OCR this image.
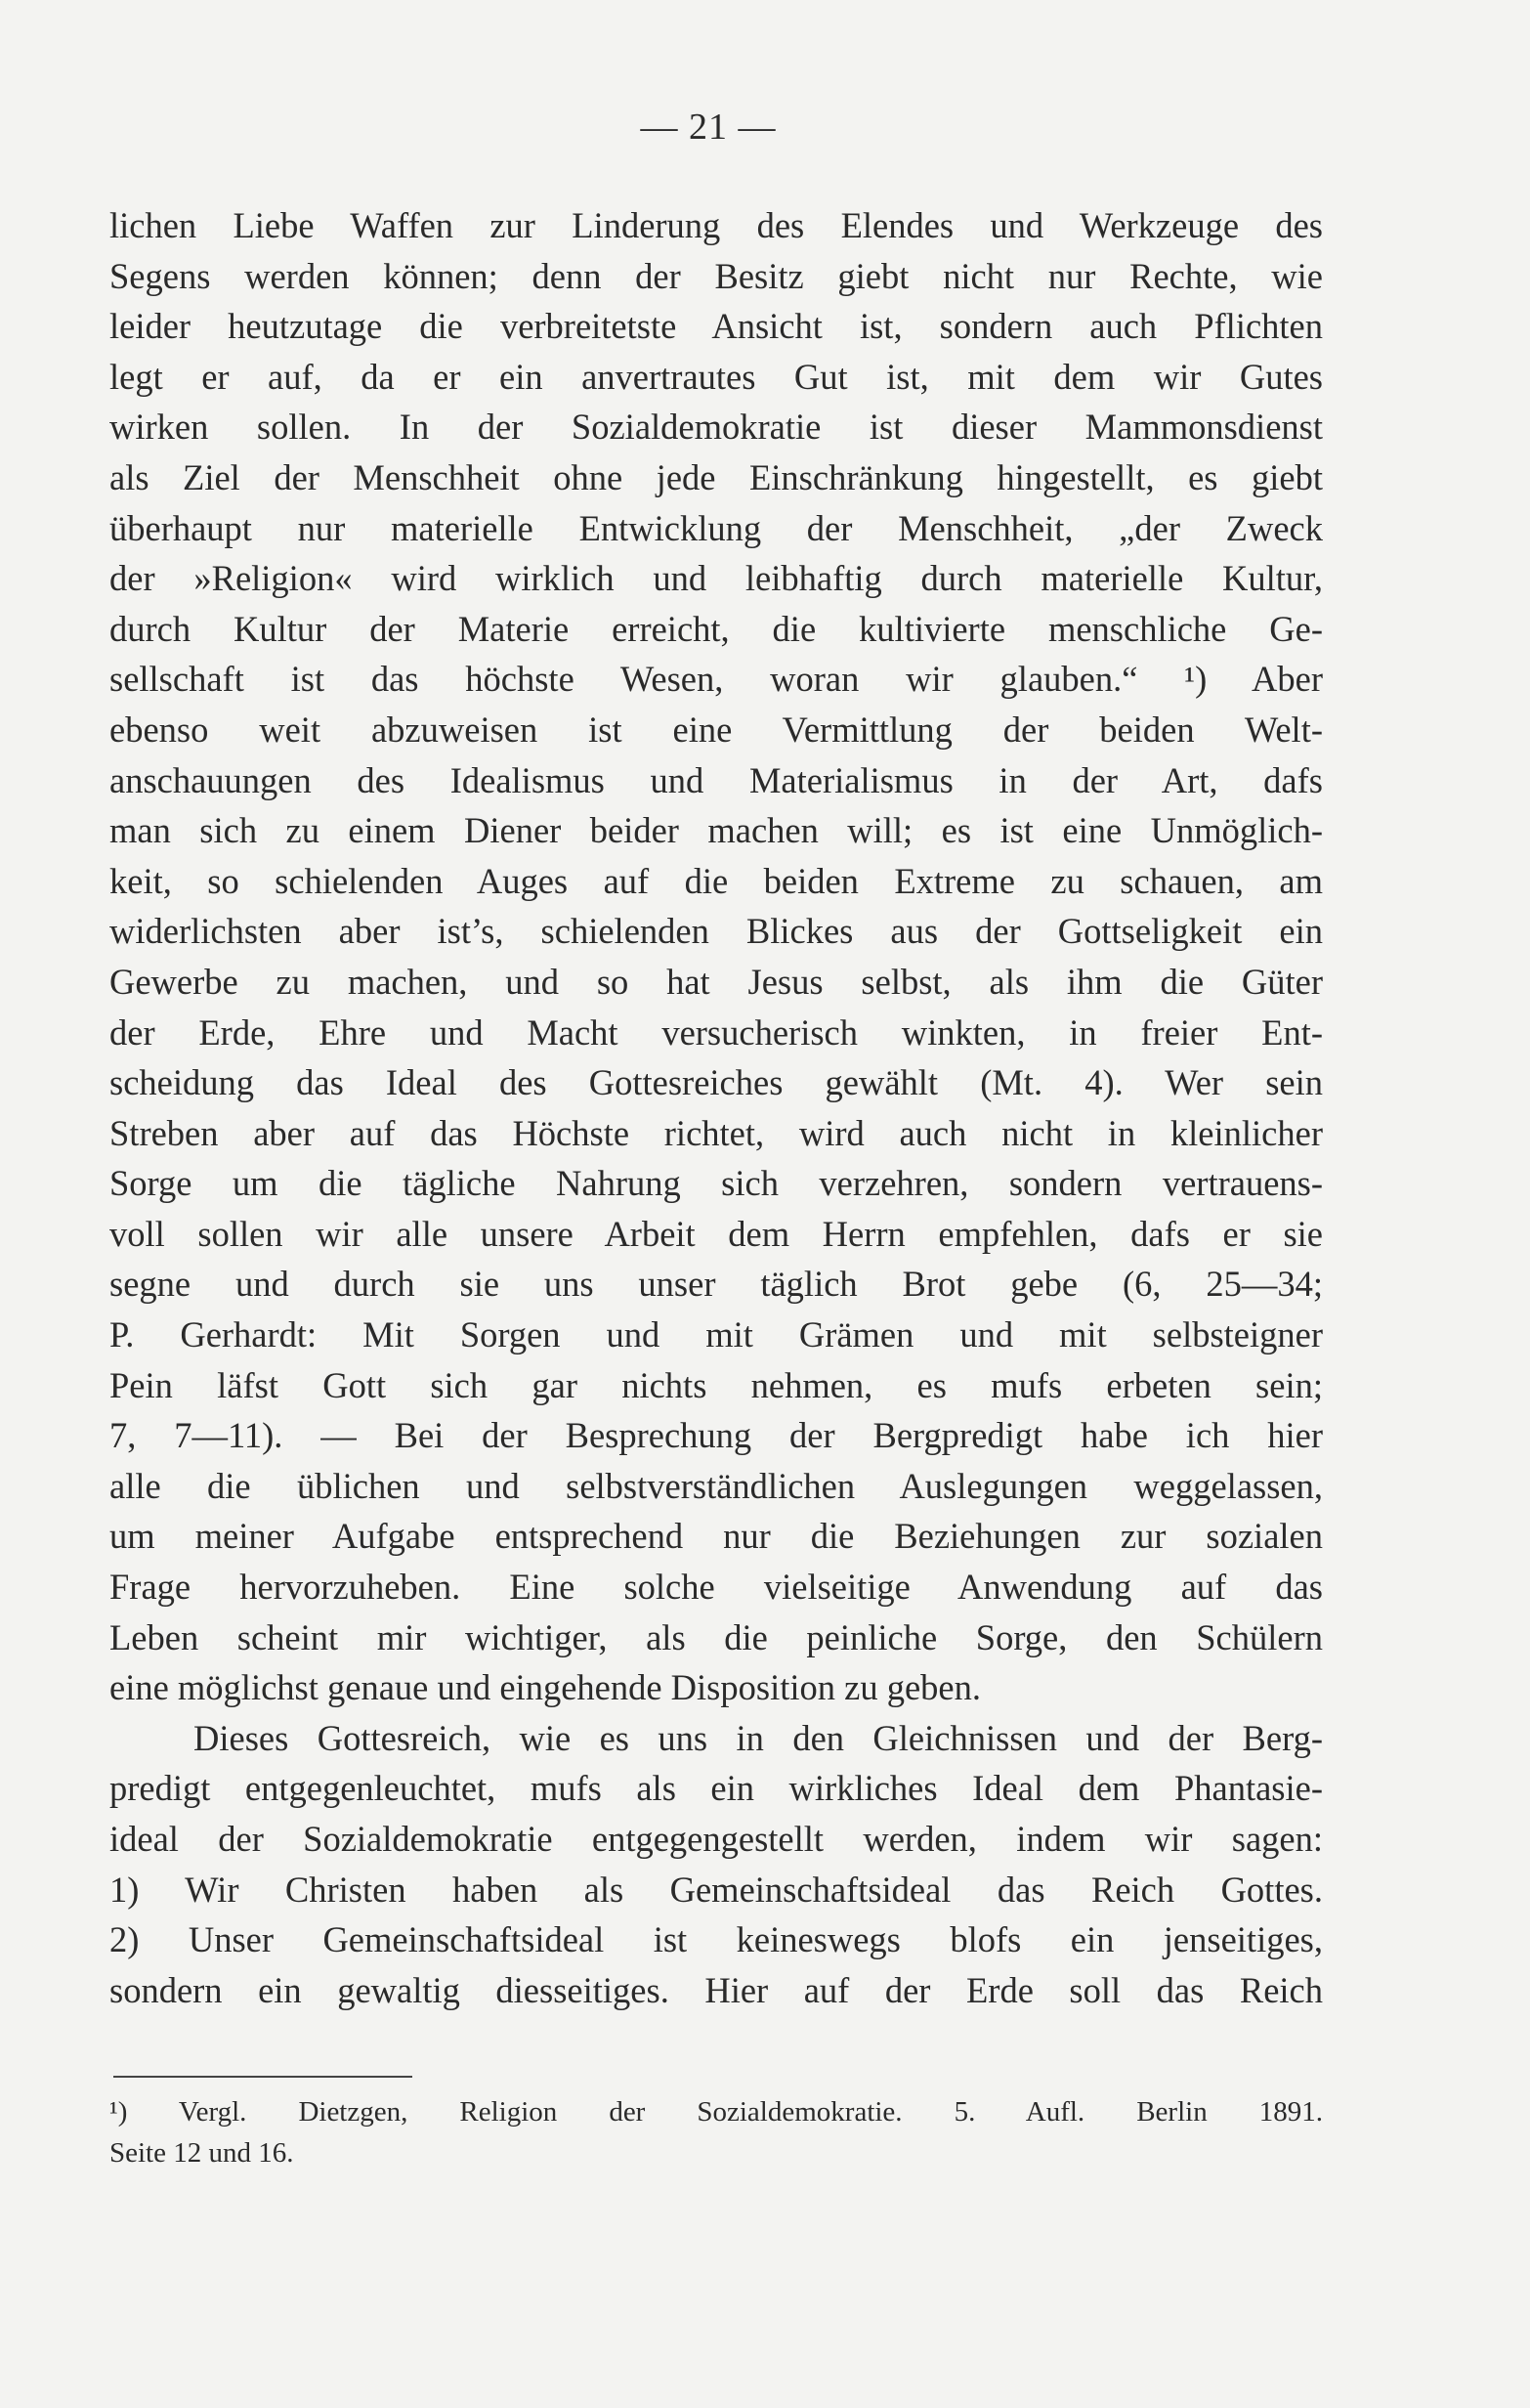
— 21 —
lichen Liebe Waffen zur Linderung des Elendes und Werkzeuge des
Segens werden können; denn der Besitz giebt nicht nur Rechte, wie
leider heutzutage die verbreitetste Ansicht ist, sondern auch Pflichten
legt er auf, da er ein anvertrautes Gut ist, mit dem wir Gutes
wirken sollen. In der Sozialdemokratie ist dieser Mammonsdienst
als Ziel der Menschheit ohne jede Einschränkung hingestellt, es giebt
überhaupt nur materielle Entwicklung der Menschheit, „der Zweck
der »Religion« wird wirklich und leibhaftig durch materielle Kultur,
durch Kultur der Materie erreicht, die kultivierte menschliche Ge-
sellschaft ist das höchste Wesen, woran wir glauben.“ ¹) Aber
ebenso weit abzuweisen ist eine Vermittlung der beiden Welt-
anschauungen des Idealismus und Materialismus in der Art, dafs
man sich zu einem Diener beider machen will; es ist eine Unmöglich-
keit, so schielenden Auges auf die beiden Extreme zu schauen, am
widerlichsten aber ist’s, schielenden Blickes aus der Gottseligkeit ein
Gewerbe zu machen, und so hat Jesus selbst, als ihm die Güter
der Erde, Ehre und Macht versucherisch winkten, in freier Ent-
scheidung das Ideal des Gottesreiches gewählt (Mt. 4). Wer sein
Streben aber auf das Höchste richtet, wird auch nicht in kleinlicher
Sorge um die tägliche Nahrung sich verzehren, sondern vertrauens-
voll sollen wir alle unsere Arbeit dem Herrn empfehlen, dafs er sie
segne und durch sie uns unser täglich Brot gebe (6, 25—34;
P. Gerhardt: Mit Sorgen und mit Grämen und mit selbsteigner
Pein läfst Gott sich gar nichts nehmen, es mufs erbeten sein;
7, 7—11). — Bei der Besprechung der Bergpredigt habe ich hier
alle die üblichen und selbstverständlichen Auslegungen weggelassen,
um meiner Aufgabe entsprechend nur die Beziehungen zur sozialen
Frage hervorzuheben. Eine solche vielseitige Anwendung auf das
Leben scheint mir wichtiger, als die peinliche Sorge, den Schülern
eine möglichst genaue und eingehende Disposition zu geben.
Dieses Gottesreich, wie es uns in den Gleichnissen und der Berg-
predigt entgegenleuchtet, mufs als ein wirkliches Ideal dem Phantasie-
ideal der Sozialdemokratie entgegengestellt werden, indem wir sagen:
1) Wir Christen haben als Gemeinschaftsideal das Reich Gottes.
2) Unser Gemeinschaftsideal ist keineswegs blofs ein jenseitiges,
sondern ein gewaltig diesseitiges. Hier auf der Erde soll das Reich
¹) Vergl. Dietzgen, Religion der Sozialdemokratie. 5. Aufl. Berlin 1891.
Seite 12 und 16.
